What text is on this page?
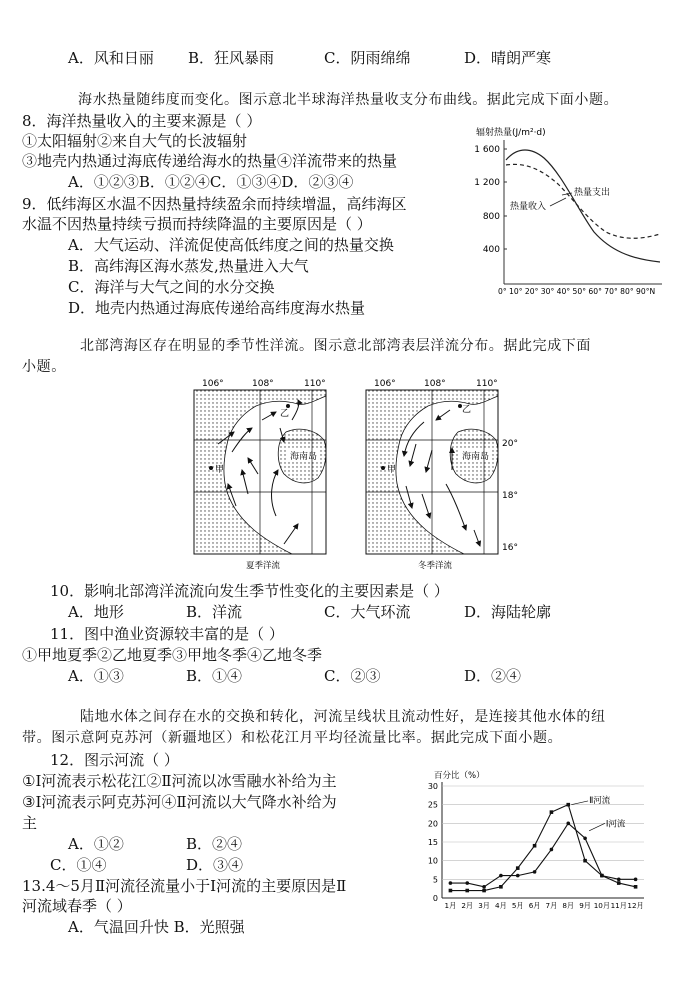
A．风和日丽 B．狂风暴雨	C．阴雨绵绵	D．晴朗严寒
海水热量随纬度而变化。图示意北半球海洋热量收支分布曲线。据此完成下面小题。
8．海洋热量收入的主要来源是（ ）
①太阳辐射②来自大气的长波辐射
③地壳内热通过海底传递给海水的热量④洋流带来的热量
A．①②③B．①②④C．①③④D．②③④
9．低纬海区水温不因热量持续盈余而持续增温，高纬海区
水温不因热量持续亏损而持续降温的主要原因是（ ）
A．大气运动、洋流促使高低纬度之间的热量交换
B．高纬海区海水蒸发,热量进入大气
C．海洋与大气之间的水分交换
D．地壳内热通过海底传递给高纬度海水热量
辐射热量(J/m²·d)
1 600
1 200
800
400
热量支出
热量收入
0° 10° 20° 30° 40° 50° 60° 70° 80° 90°N
北部湾海区存在明显的季节性洋流。图示意北部湾表层洋流分布。据此完成下面
小题。
106°	108°	110°
海南岛
甲
乙
夏季洋流
106°	108°	110°
海南岛
甲
乙
冬季洋流
20°
18°
16°
10．影响北部湾洋流流向发生季节性变化的主要因素是（ ）
A．地形	B．洋流	C．大气环流	D．海陆轮廓
11．图中渔业资源较丰富的是（ ）
①甲地夏季②乙地夏季③甲地冬季④乙地冬季
A．①③	B．①④	C．②③	D．②④
陆地水体之间存在水的交换和转化，河流呈线状且流动性好，是连接其他水体的纽
带。图示意阿克苏河（新疆地区）和松花江月平均径流量比率。据此完成下面小题。
12．图示河流（ ）
①Ⅰ河流表示松花江②Ⅱ河流以冰雪融水补给为主
③Ⅰ河流表示阿克苏河④Ⅱ河流以大气降水补给为
主
A．①②	B．②④
C．①④	D．③④
13.4～5月Ⅱ河流径流量小于Ⅰ河流的主要原因是Ⅱ
河流域春季（ ）
A．气温回升快 B．光照强
百分比（%）
0
5
10
15
20
25
30
1月 2月 3月 4月 5月 6月 7月 8月 9月 10月 11月 12月
Ⅱ河流
Ⅰ河流
